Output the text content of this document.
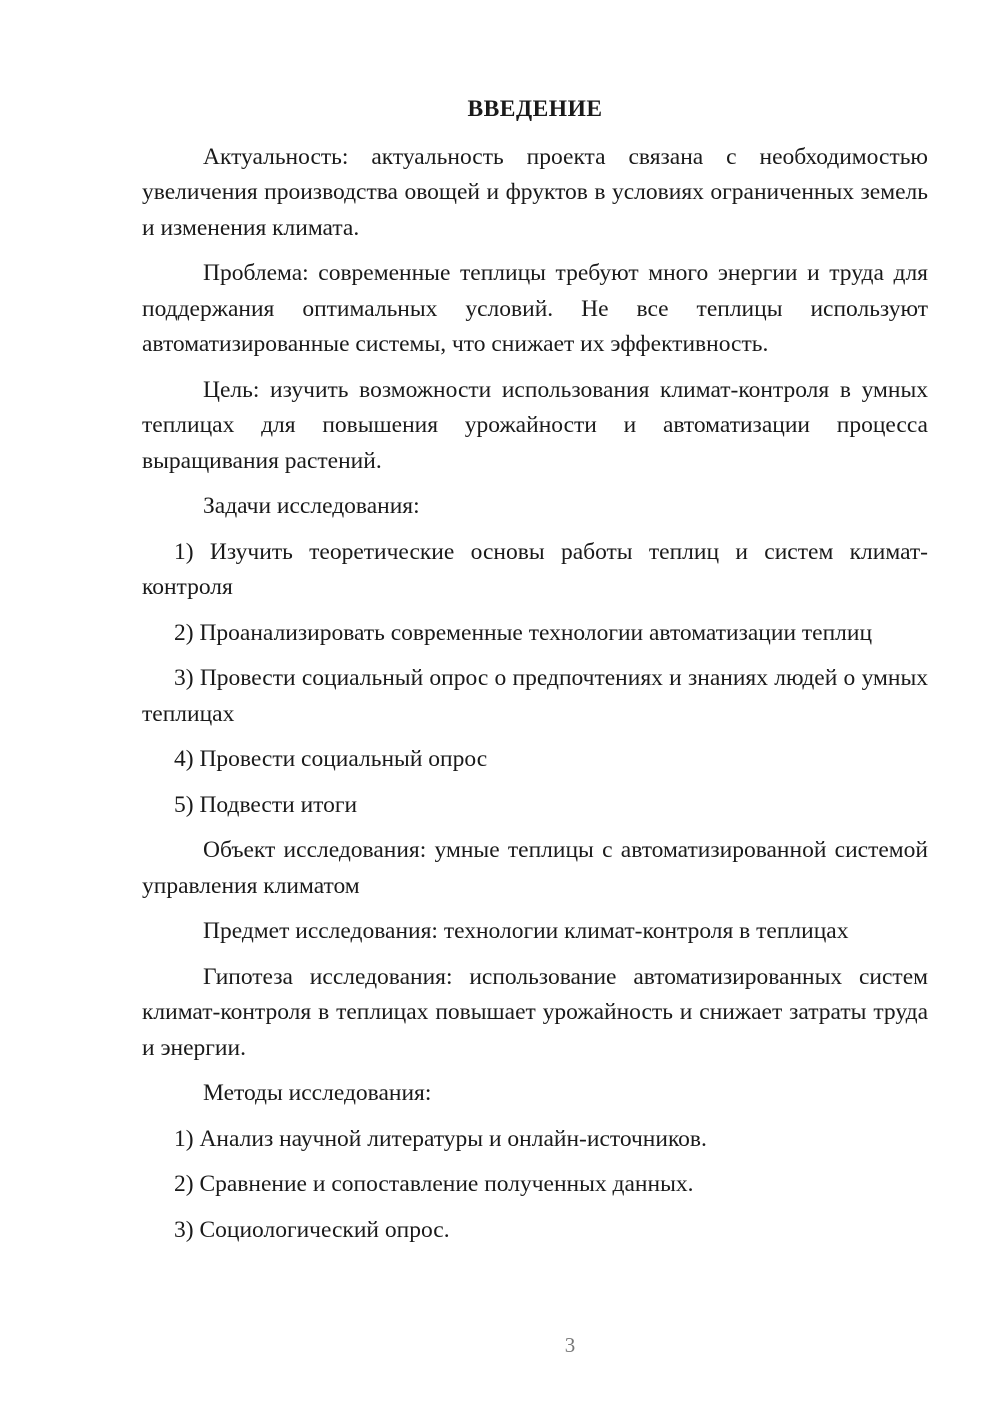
ВВЕДЕНИЕ

Актуальность: актуальность проекта связана с необходимостью увеличения производства овощей и фруктов в условиях ограниченных земель и изменения климата.

Проблема: современные теплицы требуют много энергии и труда для поддержания оптимальных условий. Не все теплицы используют автоматизированные системы, что снижает их эффективность.

Цель: изучить возможности использования климат-контроля в умных теплицах для повышения урожайности и автоматизации процесса выращивания растений.

Задачи исследования:

1) Изучить теоретические основы работы теплиц и систем климат-контроля

2) Проанализировать современные технологии автоматизации теплиц

3) Провести социальный опрос о предпочтениях и знаниях людей о умных теплицах

4) Провести социальный опрос

5) Подвести итоги

Объект исследования: умные теплицы с автоматизированной системой управления климатом

Предмет исследования: технологии климат-контроля в теплицах

Гипотеза исследования: использование автоматизированных систем климат-контроля в теплицах повышает урожайность и снижает затраты труда и энергии.

Методы исследования:

1) Анализ научной литературы и онлайн-источников.

2) Сравнение и сопоставление полученных данных.

3) Социологический опрос.

3
